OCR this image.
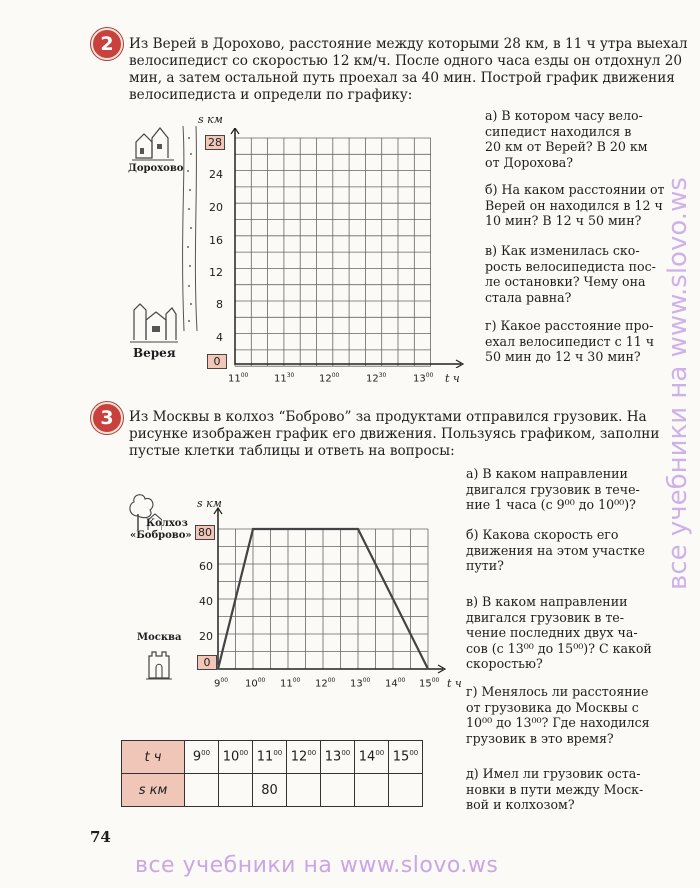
2	Из Верей в Дорохово, расстояние между которыми 28 км, в 11 ч утра выехал
велосипедист со скоростью 12 км/ч. После одного часа езды он отдохнул 20
мин, а затем остальной путь проехал за 40 мин. Построй график движения
велосипедиста и определи по графику:
Дорохово
Верея
s км
28
24
20
16
12
8
4
0
$11^{00}$	$11^{30}$ $12^{00}$	$12^{30}$	$13^{00}$ t ч
а) В котором часу вело-
сипедист находился в
20 км от Верей? В 20 км
от Дорохова?
б) На каком расстоянии от
Верей он находился в 12 ч
10 мин? В 12 ч 50 мин?
в) Как изменилась ско-
рость велосипедиста пос-
ле остановки? Чему она
стала равна?
г) Какое расстояние про-
ехал велосипедист с 11 ч
50 мин до 12 ч 30 мин?
3	Из Москвы в колхоз “Боброво” за продуктами отправился грузовик. На
рисунке изображен график его движения. Пользуясь графиком, заполни
пустые клетки таблицы и ответь на вопросы:
Колхоз
«Боброво»
Москва
s км
80
60
40
20
0
$9^{00}$ $10^{00}$ $11^{00}$ $12^{00}$ $13^{00}$ $14^{00}$ $15^{00}$ t ч
а) В каком направлении
двигался грузовик в тече-
ние 1 часа (с 9⁰⁰ до 10⁰⁰)?
б) Какова скорость его
движения на этом участке
пути?
в) В каком направлении
двигался грузовик в те-
чение последних двух ча-
сов (с 13⁰⁰ до 15⁰⁰)? С какой
скоростью?
г) Менялось ли расстояние
от грузовика до Москвы с
10⁰⁰ до 13⁰⁰? Где находился
грузовик в это время?
д) Имел ли грузовик оста-
новки в пути между Моск-
вой и колхозом?
t ч	$9^{00}$	$10^{00}$	$11^{00}$	$12^{00}$	$13^{00}$	$14^{00}$	$15^{00}$
s км			80				
74
все учебники на www.slovo.ws
все учебники на www.slovo.ws
